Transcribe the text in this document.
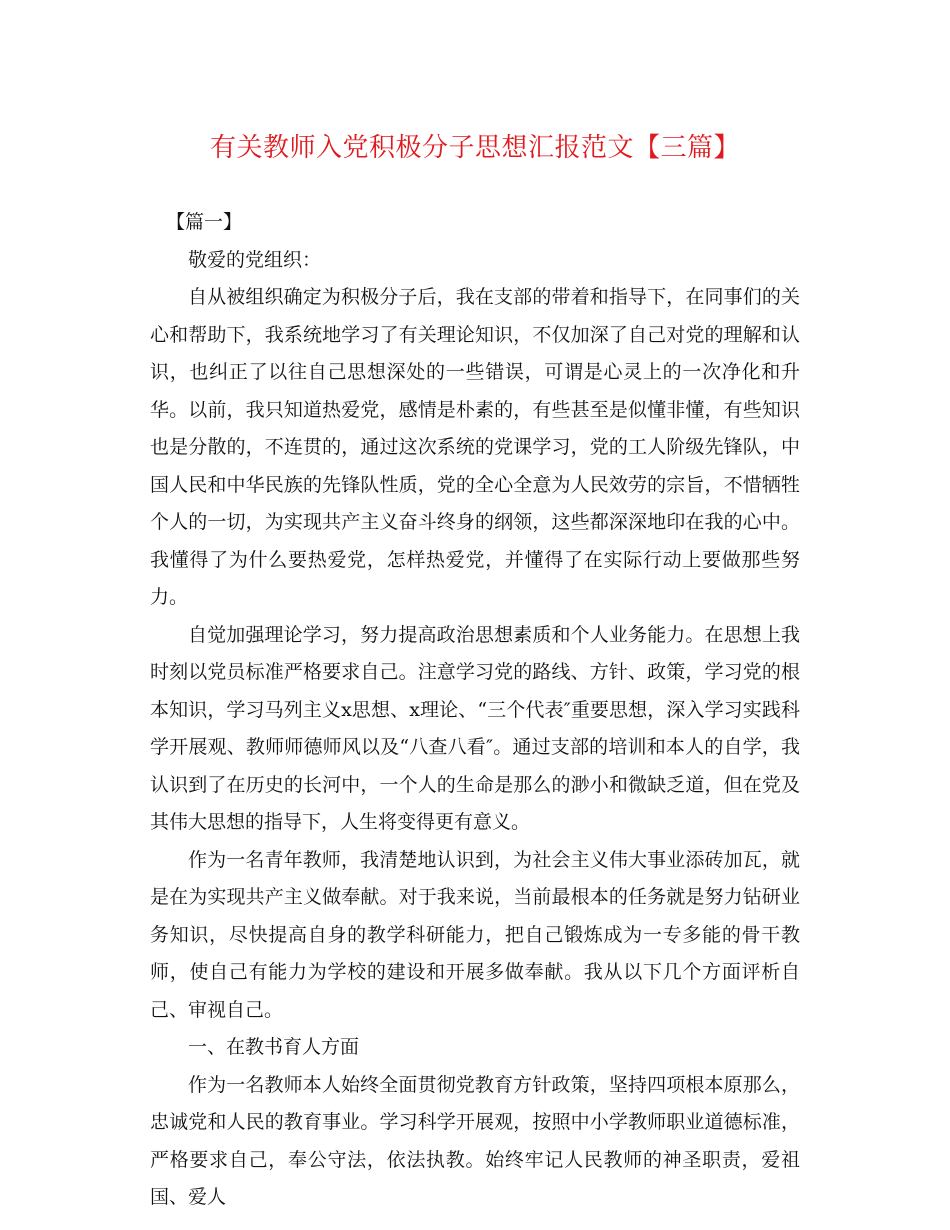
有关教师入党积极分子思想汇报范文【三篇】

【篇一】

敬爱的党组织：

自从被组织确定为积极分子后，我在支部的带着和指导下，在同事们的关心和帮助下，我系统地学习了有关理论知识，不仅加深了自己对党的理解和认识，也纠正了以往自己思想深处的一些错误，可谓是心灵上的一次净化和升华。以前，我只知道热爱党，感情是朴素的，有些甚至是似懂非懂，有些知识也是分散的，不连贯的，通过这次系统的党课学习，党的工人阶级先锋队，中国人民和中华民族的先锋队性质，党的全心全意为人民效劳的宗旨，不惜牺牲个人的一切，为实现共产主义奋斗终身的纲领，这些都深深地印在我的心中。我懂得了为什么要热爱党，怎样热爱党，并懂得了在实际行动上要做那些努力。

自觉加强理论学习，努力提高政治思想素质和个人业务能力。在思想上我时刻以党员标准严格要求自己。注意学习党的路线、方针、政策，学习党的根本知识，学习马列主义x思想、x理论、“三个代表″重要思想，深入学习实践科学开展观、教师师德师风以及“八查八看″。通过支部的培训和本人的自学，我认识到了在历史的长河中，一个人的生命是那么的渺小和微缺乏道，但在党及其伟大思想的指导下，人生将变得更有意义。

作为一名青年教师，我清楚地认识到，为社会主义伟大事业添砖加瓦，就是在为实现共产主义做奉献。对于我来说，当前最根本的任务就是努力钻研业务知识，尽快提高自身的教学科研能力，把自己锻炼成为一专多能的骨干教师，使自己有能力为学校的建设和开展多做奉献。我从以下几个方面评析自己、审视自己。

一、在教书育人方面

作为一名教师本人始终全面贯彻党教育方针政策，坚持四项根本原那么，忠诚党和人民的教育事业。学习科学开展观，按照中小学教师职业道德标准，严格要求自己，奉公守法，依法执教。始终牢记人民教师的神圣职责，爱祖国、爱人
